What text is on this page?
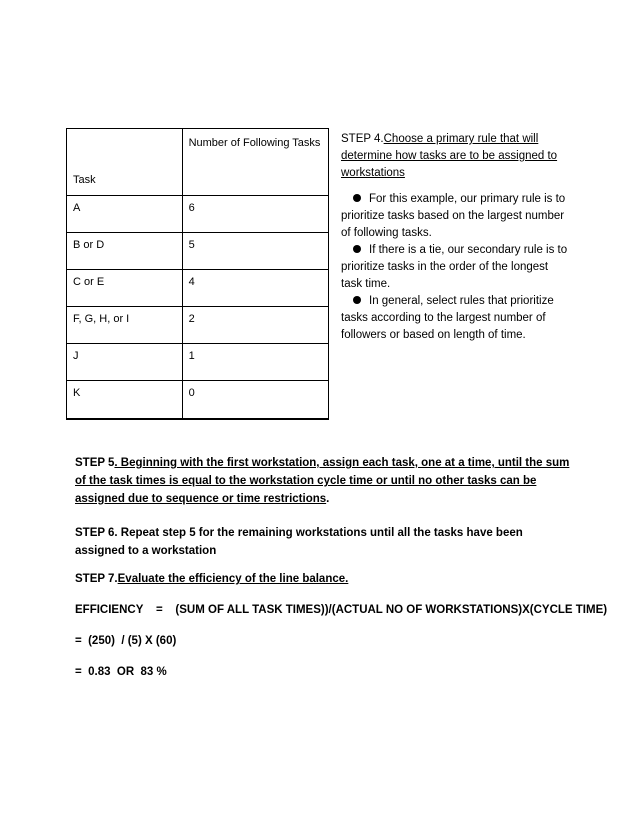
Task	Number of Following Tasks
A	6
B or D	5
C or E	4
F, G, H, or I	2
J	1
K	0

STEP 4.Choose a primary rule that will determine how tasks are to be assigned to workstations

For this example, our primary rule is to prioritize tasks based on the largest number of following tasks.

If there is a tie, our secondary rule is to prioritize tasks in the order of the longest task time.

In general, select rules that prioritize tasks according to the largest number of followers or based on length of time.

STEP 5. Beginning with the first workstation, assign each task, one at a time, until the sum of the task times is equal to the workstation cycle time or until no other tasks can be assigned due to sequence or time restrictions.

STEP 6. Repeat step 5 for the remaining workstations until all the tasks have been assigned to a workstation

STEP 7.Evaluate the efficiency of the line balance.

EFFICIENCY    =    (SUM OF ALL TASK TIMES))/(ACTUAL NO OF WORKSTATIONS)X(CYCLE TIME)

=  (250)  / (5) X (60)

=  0.83  OR  83 %
